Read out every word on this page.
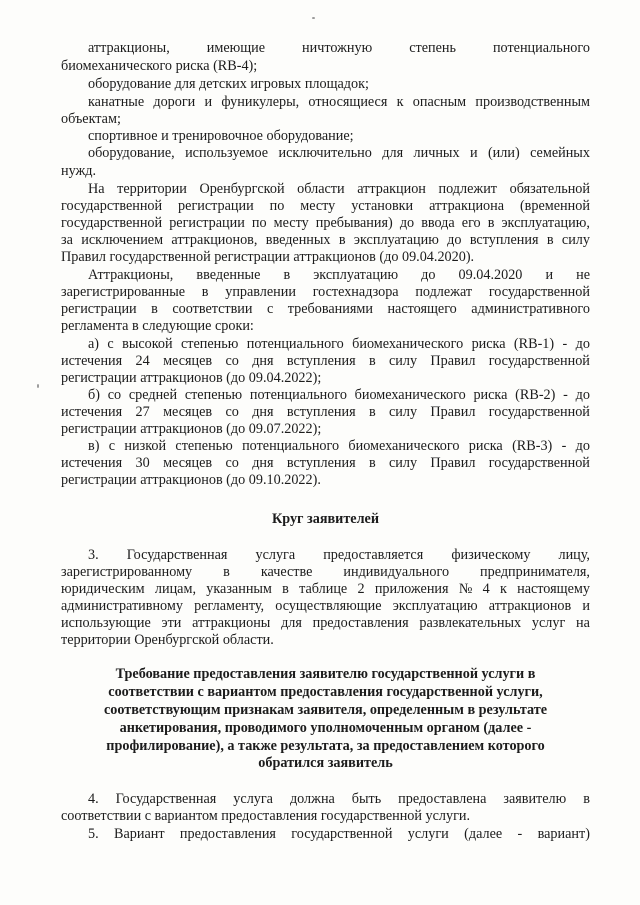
аттракционы,	имеющие	ничтожную	степень	потенциального
биомеханического риска (RB-4);
оборудование для детских игровых площадок;
канатные дороги и фуникулеры, относящиеся к опасным производственным
объектам;
спортивное и тренировочное оборудование;
оборудование, используемое исключительно для личных и (или) семейных
нужд.
На территории Оренбургской области аттракцион подлежит обязательной
государственной регистрации по месту установки аттракциона (временной
государственной регистрации по месту пребывания) до ввода его в эксплуатацию,
за исключением аттракционов, введенных в эксплуатацию до вступления в силу
Правил государственной регистрации аттракционов (до 09.04.2020).
Аттракционы, введенные в эксплуатацию до 09.04.2020 и не
зарегистрированные в управлении гостехнадзора подлежат государственной
регистрации в соответствии с требованиями настоящего административного
регламента в следующие сроки:
а) с высокой степенью потенциального биомеханического риска (RB-1) - до
истечения 24 месяцев со дня вступления в силу Правил государственной
регистрации аттракционов (до 09.04.2022);
б) со средней степенью потенциального биомеханического риска (RB-2) - до
истечения 27 месяцев со дня вступления в силу Правил государственной
регистрации аттракционов (до 09.07.2022);
в) с низкой степенью потенциального биомеханического риска (RB-3) - до
истечения 30 месяцев со дня вступления в силу Правил государственной
регистрации аттракционов (до 09.10.2022).
Круг заявителей
3. Государственная услуга предоставляется физическому лицу,
зарегистрированному в качестве индивидуального предпринимателя,
юридическим лицам, указанным в таблице 2 приложения № 4 к настоящему
административному регламенту, осуществляющие эксплуатацию аттракционов и
использующие эти аттракционы для предоставления развлекательных услуг на
территории Оренбургской области.
Требование предоставления заявителю государственной услуги в
соответствии с вариантом предоставления государственной услуги,
соответствующим признакам заявителя, определенным в результате
анкетирования, проводимого уполномоченным органом (далее -
профилирование), а также результата, за предоставлением которого
обратился заявитель
4. Государственная услуга должна быть предоставлена заявителю в
соответствии с вариантом предоставления государственной услуги.
5. Вариант предоставления государственной услуги (далее - вариант)
